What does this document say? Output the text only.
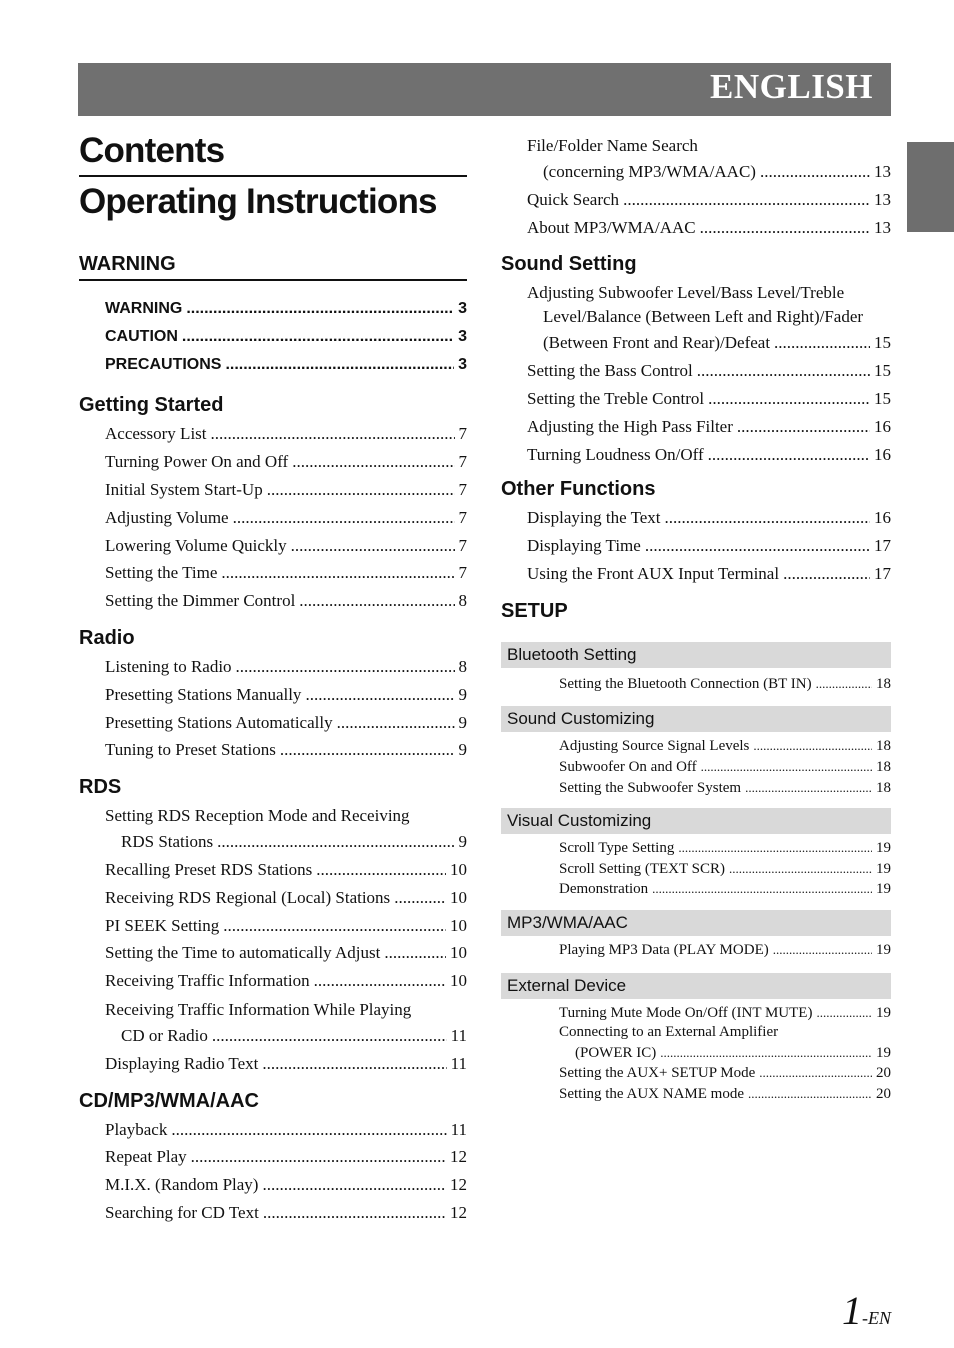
ENGLISH
Contents
Operating Instructions
WARNING
WARNING .....	3
CAUTION .....	3
PRECAUTIONS .....	3
Getting Started
Accessory List .....	7
Turning Power On and Off .....	7
Initial System Start-Up .....	7
Adjusting Volume .....	7
Lowering Volume Quickly .....	7
Setting the Time .....	7
Setting the Dimmer Control .....	8
Radio
Listening to Radio .....	8
Presetting Stations Manually .....	9
Presetting Stations Automatically .....	9
Tuning to Preset Stations .....	9
RDS
Setting RDS Reception Mode and Receiving
RDS Stations .....	9
Recalling Preset RDS Stations .....	10
Receiving RDS Regional (Local) Stations .....	10
PI SEEK Setting .....	10
Setting the Time to automatically Adjust .....	10
Receiving Traffic Information .....	10
Receiving Traffic Information While Playing
CD or Radio .....	11
Displaying Radio Text .....	11
CD/MP3/WMA/AAC
Playback .....	11
Repeat Play .....	12
M.I.X. (Random Play) .....	12
Searching for CD Text .....	12
File/Folder Name Search
(concerning MP3/WMA/AAC) .....	13
Quick Search .....	13
About MP3/WMA/AAC .....	13
Sound Setting
Adjusting Subwoofer Level/Bass Level/Treble
Level/Balance (Between Left and Right)/Fader
(Between Front and Rear)/Defeat .....	15
Setting the Bass Control .....	15
Setting the Treble Control .....	15
Adjusting the High Pass Filter .....	16
Turning Loudness On/Off .....	16
Other Functions
Displaying the Text .....	16
Displaying Time .....	17
Using the Front AUX Input Terminal .....	17
SETUP
Bluetooth Setting
Setting the Bluetooth Connection (BT IN) .....	18
Sound Customizing
Adjusting Source Signal Levels .....	18
Subwoofer On and Off .....	18
Setting the Subwoofer System .....	18
Visual Customizing
Scroll Type Setting .....	19
Scroll Setting (TEXT SCR) .....	19
Demonstration .....	19
MP3/WMA/AAC
Playing MP3 Data (PLAY MODE) .....	19
External Device
Turning Mute Mode On/Off (INT MUTE) .....	19
Connecting to an External Amplifier
(POWER IC) .....	19
Setting the AUX+ SETUP Mode .....	20
Setting the AUX NAME mode .....	20
1-EN
